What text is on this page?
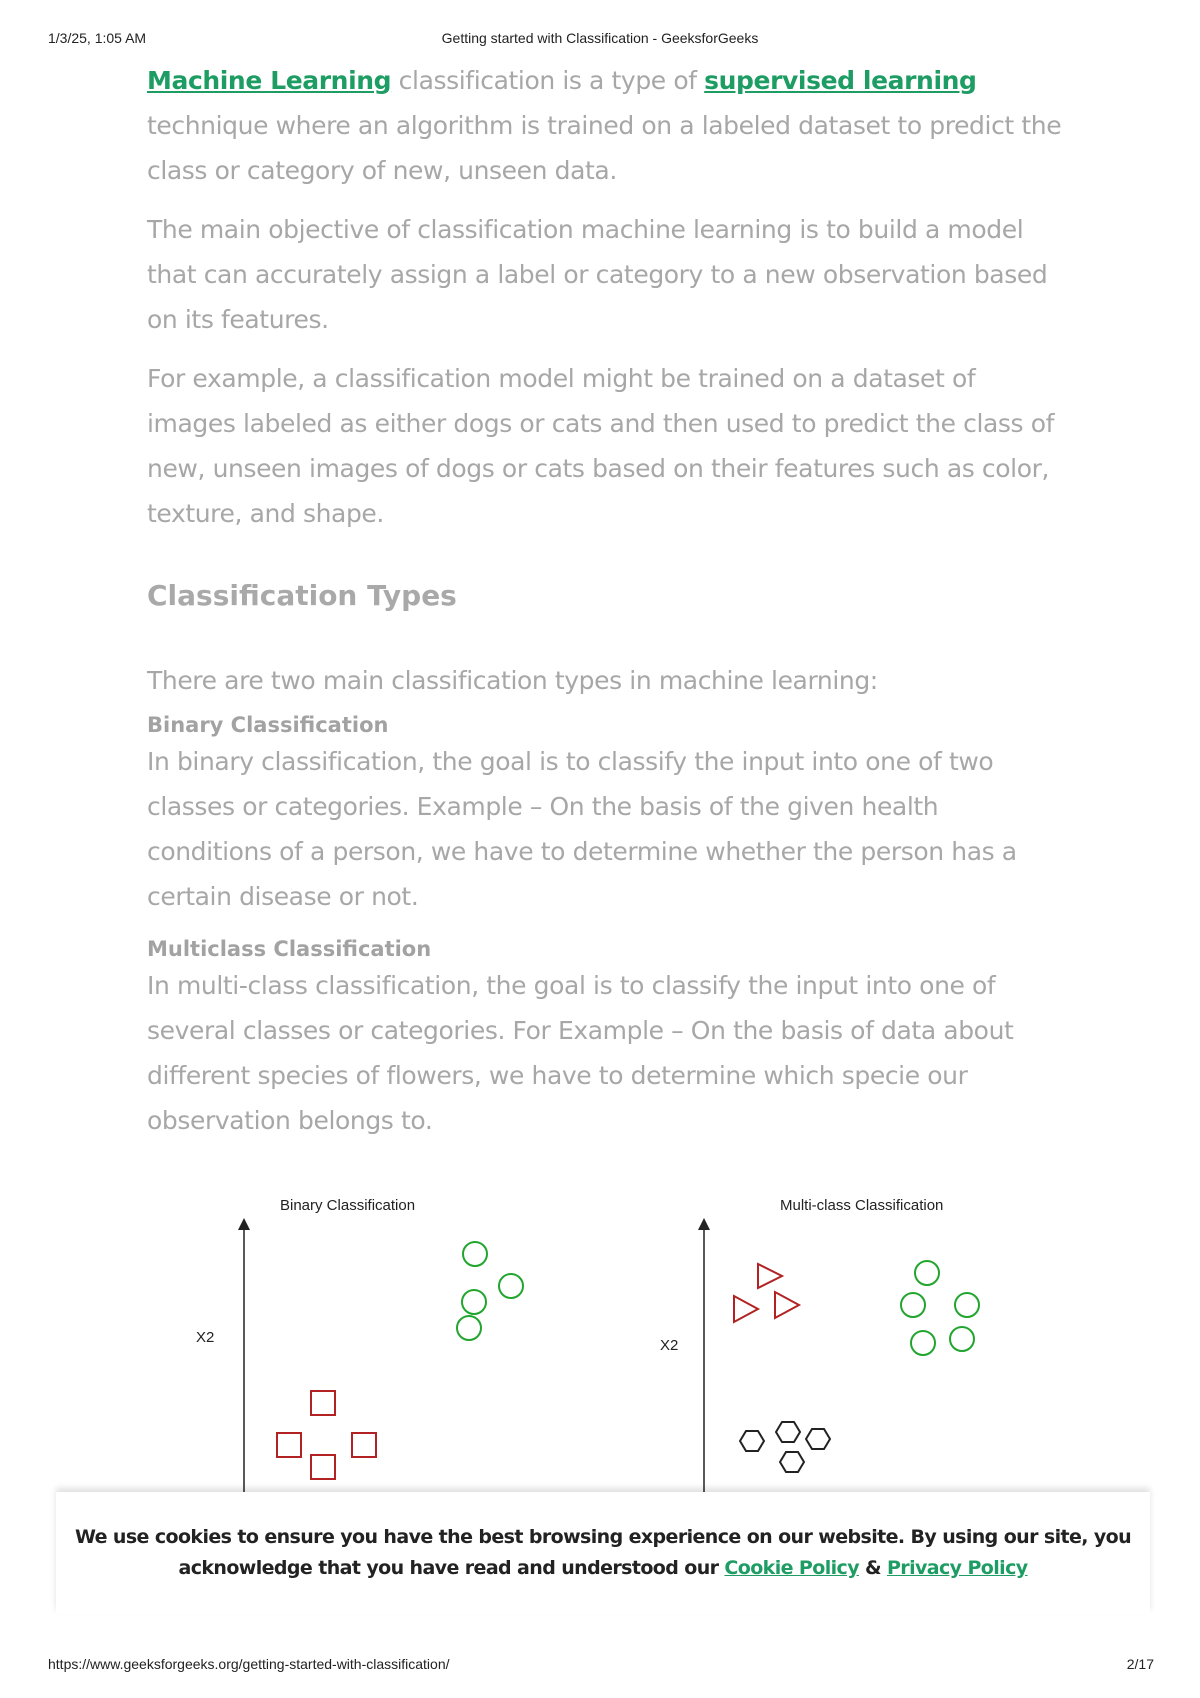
1/3/25, 1:05 AM	Getting started with Classification - GeeksforGeeks

Machine Learning classification is a type of supervised learning technique where an algorithm is trained on a labeled dataset to predict the class or category of new, unseen data.

The main objective of classification machine learning is to build a model that can accurately assign a label or category to a new observation based on its features.

For example, a classification model might be trained on a dataset of images labeled as either dogs or cats and then used to predict the class of new, unseen images of dogs or cats based on their features such as color, texture, and shape.

Classification Types

There are two main classification types in machine learning:

Binary Classification

In binary classification, the goal is to classify the input into one of two classes or categories. Example – On the basis of the given health conditions of a person, we have to determine whether the person has a certain disease or not.

Multiclass Classification

In multi-class classification, the goal is to classify the input into one of several classes or categories. For Example – On the basis of data about different species of flowers, we have to determine which specie our observation belongs to.

Binary Classification
X2
Multi-class Classification
X2
We use cookies to ensure you have the best browsing experience on our website. By using our site, you acknowledge that you have read and understood our Cookie Policy & Privacy Policy
https://www.geeksforgeeks.org/getting-started-with-classification/	2/17
